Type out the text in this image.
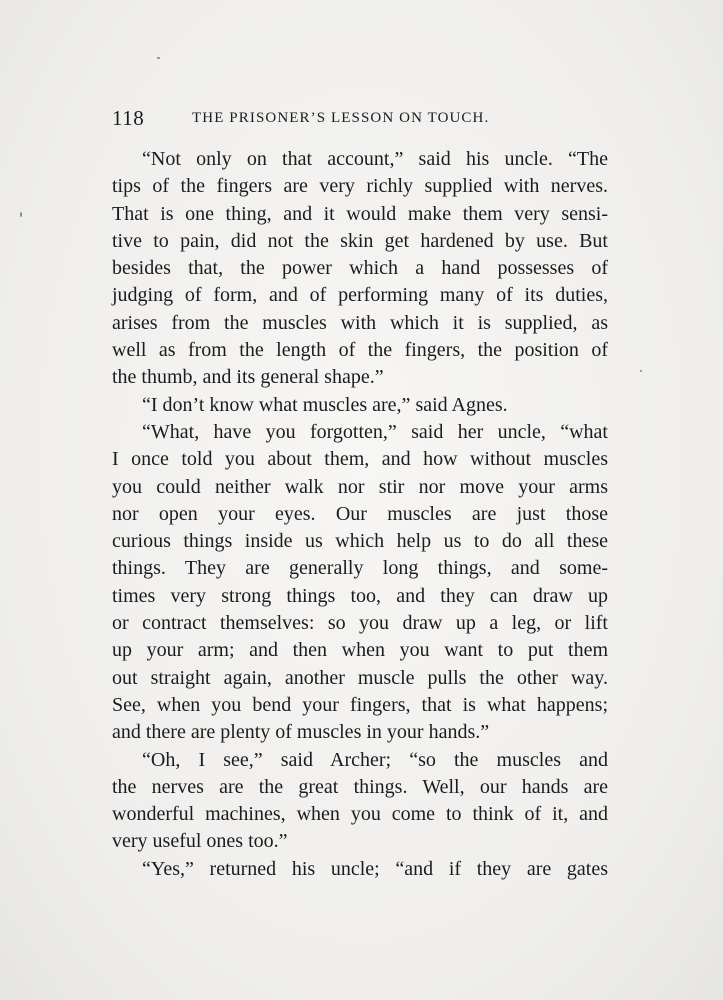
118	THE PRISONER’S LESSON ON TOUCH.
“Not only on that account,” said his uncle. “The
tips of the fingers are very richly supplied with nerves.
That is one thing, and it would make them very sensi-
tive to pain, did not the skin get hardened by use. But
besides that, the power which a hand possesses of
judging of form, and of performing many of its duties,
arises from the muscles with which it is supplied, as
well as from the length of the fingers, the position of
the thumb, and its general shape.”
“I don’t know what muscles are,” said Agnes.
“What, have you forgotten,” said her uncle, “what
I once told you about them, and how without muscles
you could neither walk nor stir nor move your arms
nor open your eyes. Our muscles are just those
curious things inside us which help us to do all these
things. They are generally long things, and some-
times very strong things too, and they can draw up
or contract themselves: so you draw up a leg, or lift
up your arm; and then when you want to put them
out straight again, another muscle pulls the other way.
See, when you bend your fingers, that is what happens;
and there are plenty of muscles in your hands.”
“Oh, I see,” said Archer; “so the muscles and
the nerves are the great things. Well, our hands are
wonderful machines, when you come to think of it, and
very useful ones too.”
“Yes,” returned his uncle; “and if they are gates
